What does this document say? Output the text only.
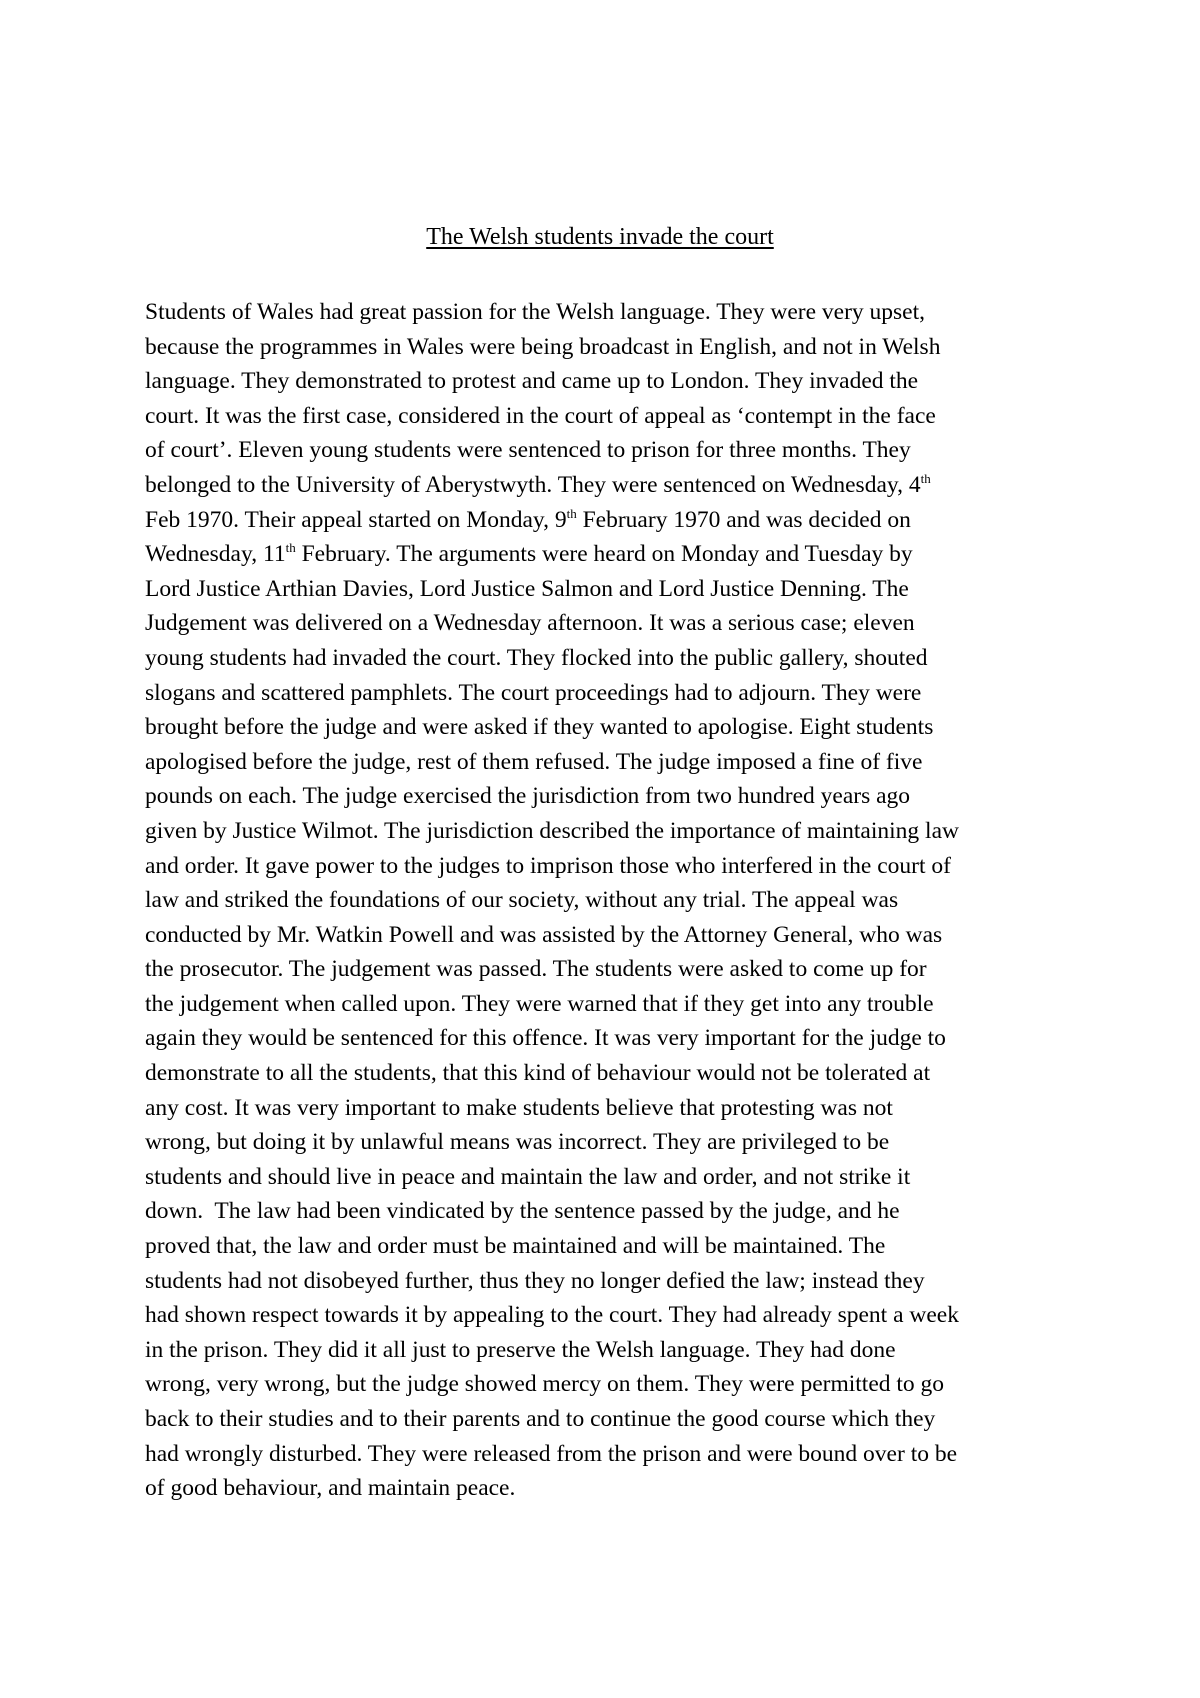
The Welsh students invade the court
Students of Wales had great passion for the Welsh language. They were very upset,
because the programmes in Wales were being broadcast in English, and not in Welsh
language. They demonstrated to protest and came up to London. They invaded the
court. It was the first case, considered in the court of appeal as ‘contempt in the face
of court’. Eleven young students were sentenced to prison for three months. They
belonged to the University of Aberystwyth. They were sentenced on Wednesday, 4th
Feb 1970. Their appeal started on Monday, 9th February 1970 and was decided on
Wednesday, 11th February. The arguments were heard on Monday and Tuesday by
Lord Justice Arthian Davies, Lord Justice Salmon and Lord Justice Denning. The
Judgement was delivered on a Wednesday afternoon. It was a serious case; eleven
young students had invaded the court. They flocked into the public gallery, shouted
slogans and scattered pamphlets. The court proceedings had to adjourn. They were
brought before the judge and were asked if they wanted to apologise. Eight students
apologised before the judge, rest of them refused. The judge imposed a fine of five
pounds on each. The judge exercised the jurisdiction from two hundred years ago
given by Justice Wilmot. The jurisdiction described the importance of maintaining law
and order. It gave power to the judges to imprison those who interfered in the court of
law and striked the foundations of our society, without any trial. The appeal was
conducted by Mr. Watkin Powell and was assisted by the Attorney General, who was
the prosecutor. The judgement was passed. The students were asked to come up for
the judgement when called upon. They were warned that if they get into any trouble
again they would be sentenced for this offence. It was very important for the judge to
demonstrate to all the students, that this kind of behaviour would not be tolerated at
any cost. It was very important to make students believe that protesting was not
wrong, but doing it by unlawful means was incorrect. They are privileged to be
students and should live in peace and maintain the law and order, and not strike it
down.  The law had been vindicated by the sentence passed by the judge, and he
proved that, the law and order must be maintained and will be maintained. The
students had not disobeyed further, thus they no longer defied the law; instead they
had shown respect towards it by appealing to the court. They had already spent a week
in the prison. They did it all just to preserve the Welsh language. They had done
wrong, very wrong, but the judge showed mercy on them. They were permitted to go
back to their studies and to their parents and to continue the good course which they
had wrongly disturbed. They were released from the prison and were bound over to be
of good behaviour, and maintain peace.
